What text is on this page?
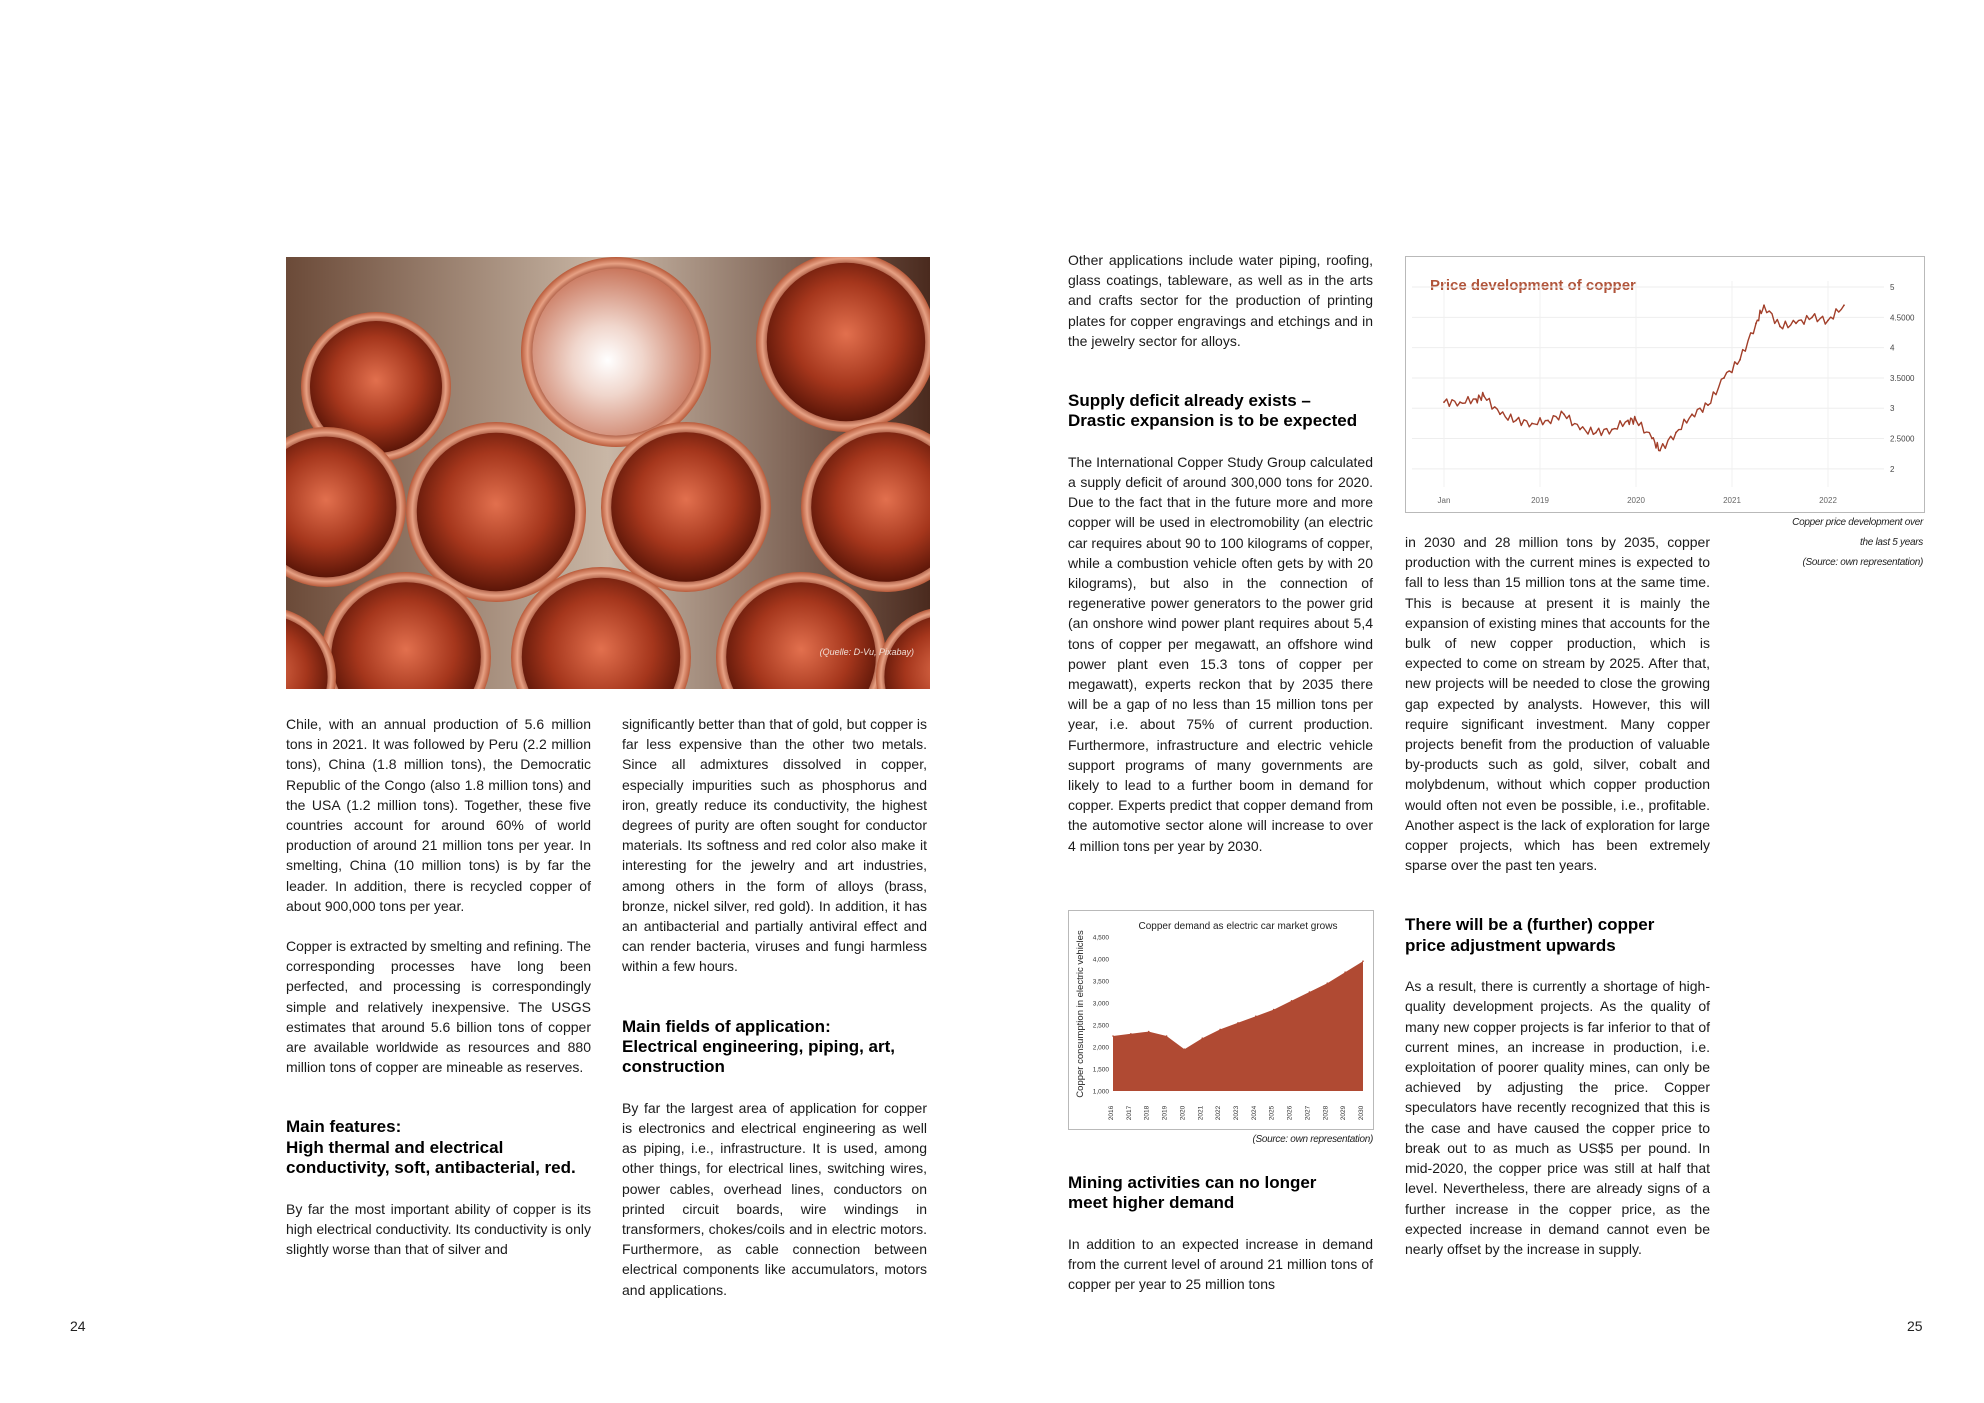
(Quelle: D-Vu, Pixabay)

Chile, with an annual production of 5.6 million tons in 2021. It was followed by Peru (2.2 million tons), China (1.8 million tons), the Democratic Republic of the Congo (also 1.8 million tons) and the USA (1.2 million tons). Together, these five countries account for around 60% of world production of around 21 million tons per year. In smelting, China (10 million tons) is by far the leader. In addition, there is recycled copper of about 900,000 tons per year.

Copper is extracted by smelting and refining. The corresponding processes have long been perfected, and processing is correspondingly simple and relatively inexpensive. The USGS estimates that around 5.6 billion tons of copper are available worldwide as resources and 880 million tons of copper are mineable as reserves.

Main features:
High thermal and electrical conductivity, soft, antibacterial, red.

By far the most important ability of copper is its high electrical conductivity. Its conductivity is only slightly worse than that of silver and

significantly better than that of gold, but copper is far less expensive than the other two metals. Since all admixtures dissolved in copper, especially impurities such as phosphorus and iron, greatly reduce its conductivity, the highest degrees of purity are often sought for conductor materials. Its softness and red color also make it interesting for the jewelry and art industries, among others in the form of alloys (brass, bronze, nickel silver, red gold). In addition, it has an antibacterial and partially antiviral effect and can render bacteria, viruses and fungi harmless within a few hours.

Main fields of application:
Electrical engineering, piping, art, construction

By far the largest area of application for copper is electronics and electrical engineering as well as piping, i.e., infrastructure. It is used, among other things, for electrical lines, switching wires, power cables, overhead lines, conductors on printed circuit boards, wire windings in transformers, chokes/coils and in electric motors. Furthermore, as cable connection between electrical components like accumulators, motors and applications.

Other applications include water piping, roofing, glass coatings, tableware, as well as in the arts and crafts sector for the production of printing plates for copper engravings and etchings and in the jewelry sector for alloys.

Supply deficit already exists –
Drastic expansion is to be expected

The International Copper Study Group calculated a supply deficit of around 300,000 tons for 2020. Due to the fact that in the future more and more copper will be used in electromobility (an electric car requires about 90 to 100 kilograms of copper, while a combustion vehicle often gets by with 20 kilograms), but also in the connection of regenerative power generators to the power grid (an onshore wind power plant requires about 5,4 tons of copper per megawatt, an offshore wind power plant even 15.3 tons of copper per megawatt), experts reckon that by 2035 there will be a gap of no less than 15 million tons per year, i.e. about 75% of current production. Furthermore, infrastructure and electric vehicle support programs of many governments are likely to lead to a further boom in demand for copper. Experts predict that copper demand from the automotive sector alone will increase to over 4 million tons per year by 2030.

Copper demand as electric car market grows
Copper consumption in electric vehicles 1,000
1,500
2,000
2,500
3,000
3,500
4,000
4,500
2016 2017 2018 2019 2020 2021 2022 2023 2024 2025 2026 2027 2028 2029 2030
(Source: own representation)
Mining activities can no longer
meet higher demand

In addition to an expected increase in demand from the current level of around 21 million tons of copper per year to 25 million tons

Price development of copper
2
2.5000
3
3.5000
4
4.5000
5
Jan	2019	2020	2021	2022
Copper price development over
the last 5 years
(Source: own representation)

in 2030 and 28 million tons by 2035, copper production with the current mines is expected to fall to less than 15 million tons at the same time. This is because at present it is mainly the expansion of existing mines that accounts for the bulk of new copper production, which is expected to come on stream by 2025. After that, new projects will be needed to close the growing gap expected by analysts. However, this will require significant investment. Many copper projects benefit from the production of valuable by-products such as gold, silver, cobalt and molybdenum, without which copper production would often not even be possible, i.e., profitable. Another aspect is the lack of exploration for large copper projects, which has been extremely sparse over the past ten years.

There will be a (further) copper
price adjustment upwards

As a result, there is currently a shortage of high-quality development projects. As the quality of many new copper projects is far inferior to that of current mines, an increase in production, i.e. exploitation of poorer quality mines, can only be achieved by adjusting the price. Copper speculators have recently recognized that this is the case and have caused the copper price to break out to as much as US$5 per pound. In mid-2020, the copper price was still at half that level. Nevertheless, there are already signs of a further increase in the copper price, as the expected increase in demand cannot even be nearly offset by the increase in supply.

24	25
